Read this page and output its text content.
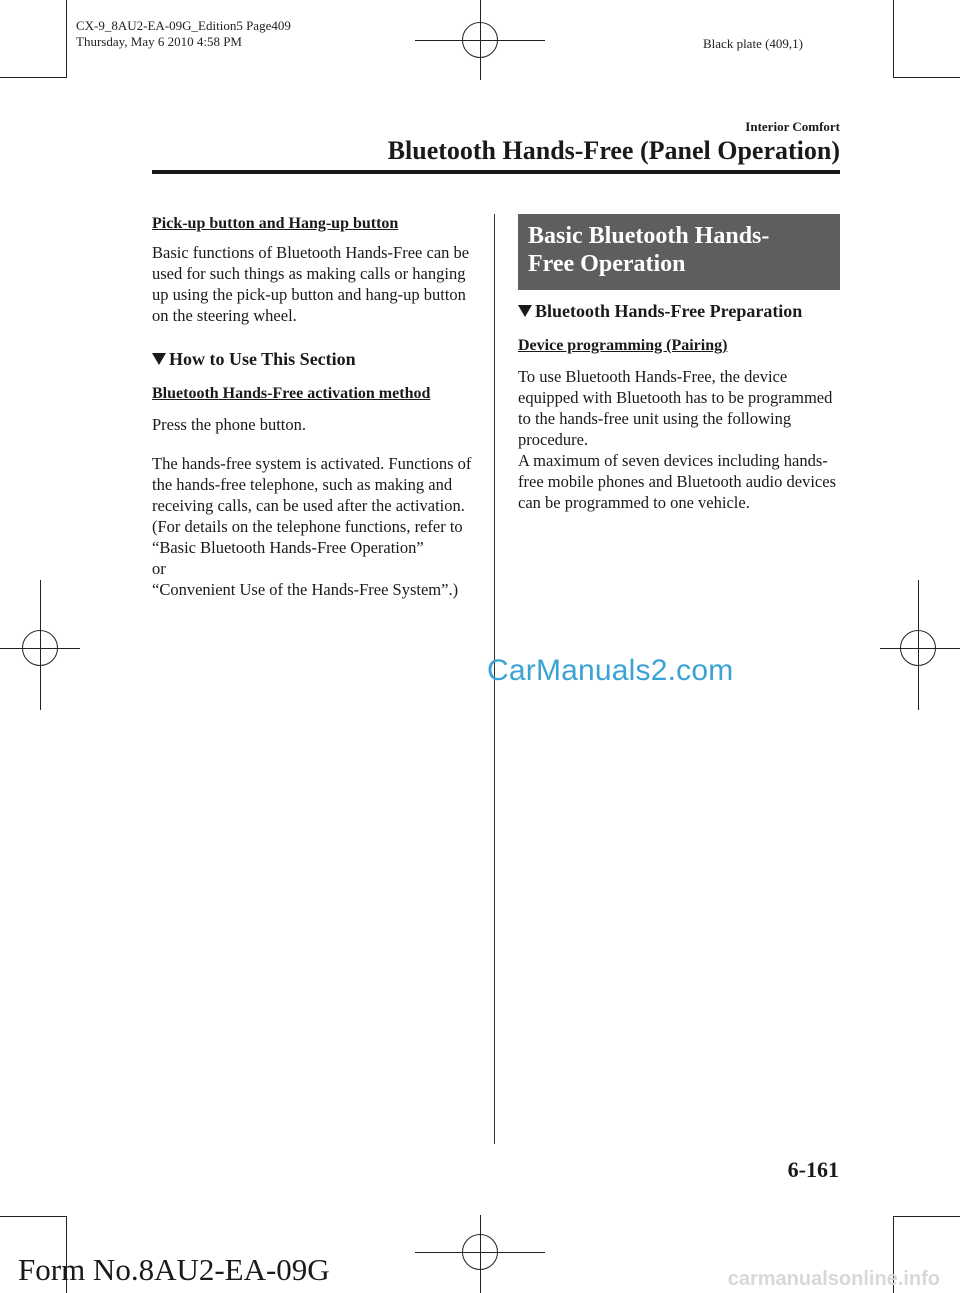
CX-9_8AU2-EA-09G_Edition5 Page409
Thursday, May 6 2010 4:58 PM	Black plate (409,1)
Interior Comfort
Bluetooth Hands-Free (Panel Operation)

Pick-up button and Hang-up button

Basic functions of Bluetooth Hands-Free can be used for such things as making calls or hanging up using the pick-up button and hang-up button on the steering wheel.

How to Use This Section

Bluetooth Hands-Free activation method

Press the phone button.

The hands-free system is activated. Functions of the hands-free telephone, such as making and receiving calls, can be used after the activation. (For details on the telephone functions, refer to

“Basic Bluetooth Hands-Free Operation”

or

“Convenient Use of the Hands-Free System”.)

Basic Bluetooth Hands-
Free Operation
Bluetooth Hands-Free Preparation

Device programming (Pairing)

To use Bluetooth Hands-Free, the device equipped with Bluetooth has to be programmed to the hands-free unit using the following procedure.

A maximum of seven devices including hands-free mobile phones and Bluetooth audio devices can be programmed to one vehicle.

CarManuals2.com
6-161
Form No.8AU2-EA-09G	carmanualsonline.info
